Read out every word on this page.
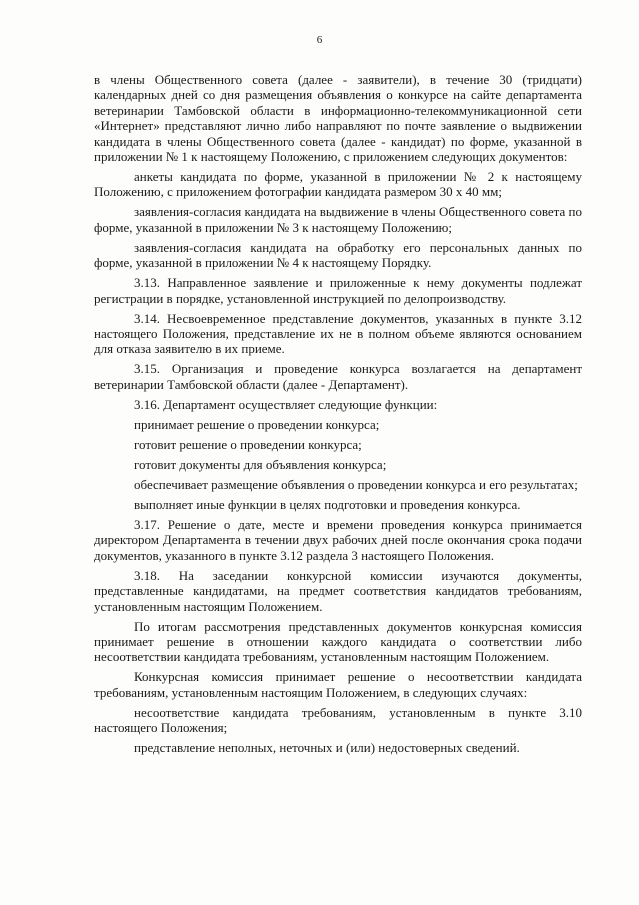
6

в члены Общественного совета (далее - заявители), в течение 30 (тридцати) календарных дней со дня размещения объявления о конкурсе на сайте департамента ветеринарии Тамбовской области в информационно-телекоммуникационной сети «Интернет» представляют лично либо направляют по почте заявление о выдвижении кандидата в члены Общественного совета (далее - кандидат) по форме, указанной в приложении № 1 к настоящему Положению, с приложением следующих документов:

анкеты кандидата по форме, указанной в приложении № 2 к настоящему Положению, с приложением фотографии кандидата размером 30 x 40 мм;

заявления-согласия кандидата на выдвижение в члены Общественного совета по форме, указанной в приложении № 3 к настоящему Положению;

заявления-согласия кандидата на обработку его персональных данных по форме, указанной в приложении № 4 к настоящему Порядку.

3.13. Направленное заявление и приложенные к нему документы подлежат регистрации в порядке, установленной инструкцией по делопроизводству.

3.14. Несвоевременное представление документов, указанных в пункте 3.12 настоящего Положения, представление их не в полном объеме являются основанием для отказа заявителю в их приеме.

3.15. Организация и проведение конкурса возлагается на департамент ветеринарии Тамбовской области (далее - Департамент).

3.16. Департамент осуществляет следующие функции:

принимает решение о проведении конкурса;

готовит решение о проведении конкурса;

готовит документы для объявления конкурса;

обеспечивает размещение объявления о проведении конкурса и его результатах;

выполняет иные функции в целях подготовки и проведения конкурса.

3.17. Решение о дате, месте и времени проведения конкурса принимается директором Департамента в течении двух рабочих дней после окончания срока подачи документов, указанного в пункте 3.12 раздела 3 настоящего Положения.

3.18. На заседании конкурсной комиссии изучаются документы, представленные кандидатами, на предмет соответствия кандидатов требованиям, установленным настоящим Положением.

По итогам рассмотрения представленных документов конкурсная комиссия принимает решение в отношении каждого кандидата о соответствии либо несоответствии кандидата требованиям, установленным настоящим Положением.

Конкурсная комиссия принимает решение о несоответствии кандидата требованиям, установленным настоящим Положением, в следующих случаях:

несоответствие кандидата требованиям, установленным в пункте 3.10 настоящего Положения;

представление неполных, неточных и (или) недостоверных сведений.
